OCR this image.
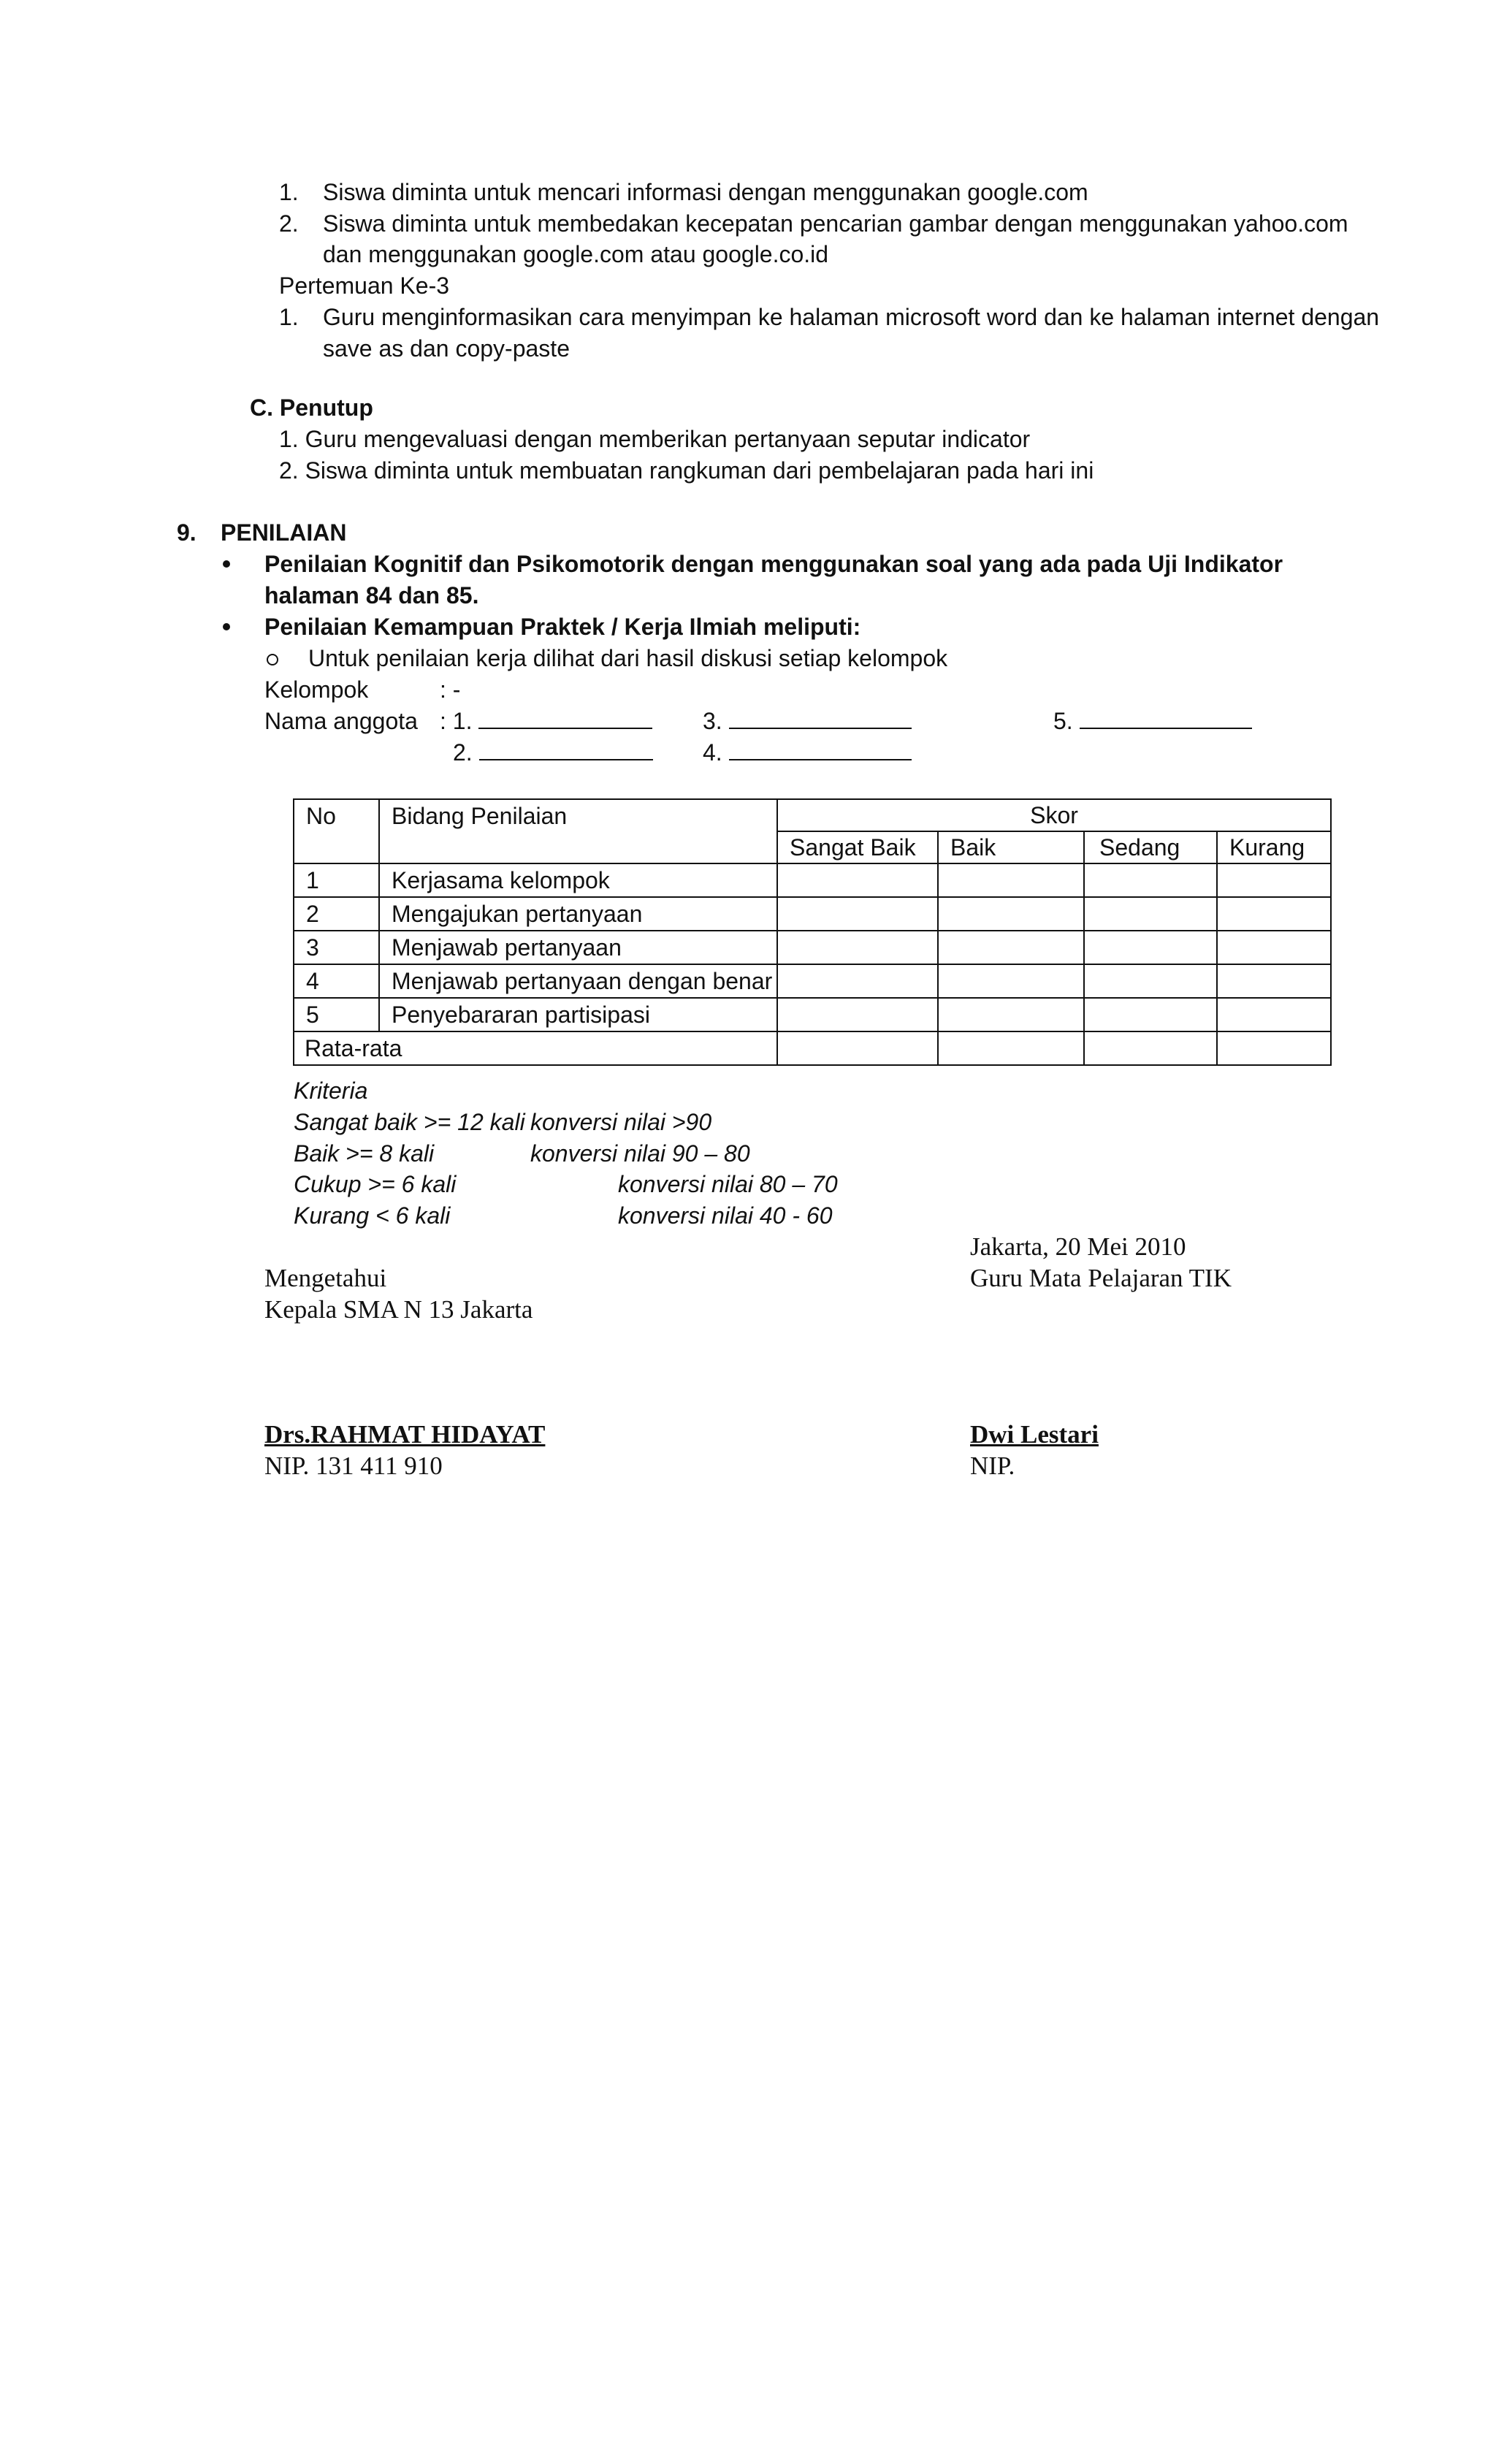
1. Siswa diminta untuk mencari informasi dengan menggunakan google.com
2. Siswa diminta untuk membedakan kecepatan pencarian gambar dengan menggunakan yahoo.com
dan menggunakan google.com atau google.co.id
Pertemuan Ke-3
1. Guru menginformasikan cara menyimpan ke halaman microsoft word dan ke halaman internet dengan
save as dan copy-paste
C. Penutup
1. Guru mengevaluasi dengan memberikan pertanyaan seputar indicator
2. Siswa diminta untuk membuatan rangkuman dari pembelajaran pada hari ini
9. PENILAIAN
Penilaian Kognitif dan Psikomotorik dengan menggunakan soal yang ada pada Uji Indikator
halaman 84 dan 85.
Penilaian Kemampuan Praktek / Kerja Ilmiah meliputi:
Untuk penilaian kerja dilihat dari hasil diskusi setiap kelompok
Kelompok	: -
Nama anggota : 1.	3.	5.
2.	4.
No	Bidang Penilaian	Skor			
		Sangat Baik	Baik	Sedang	Kurang
1	Kerjasama kelompok				
2	Mengajukan pertanyaan				
3	Menjawab pertanyaan				
4	Menjawab pertanyaan dengan benar				
5	Penyebararan partisipasi				
Rata-rata					
Kriteria
Sangat baik >= 12 kali konversi nilai >90
Baik >= 8 kali	konversi nilai 90 – 80
Cukup >= 6 kali	konversi nilai 80 – 70
Kurang < 6 kali	konversi nilai 40 - 60
Jakarta, 20 Mei 2010
Mengetahui	Guru Mata Pelajaran TIK
Kepala SMA N 13 Jakarta
Drs.RAHMAT HIDAYAT	Dwi Lestari
NIP. 131 411 910	NIP.
